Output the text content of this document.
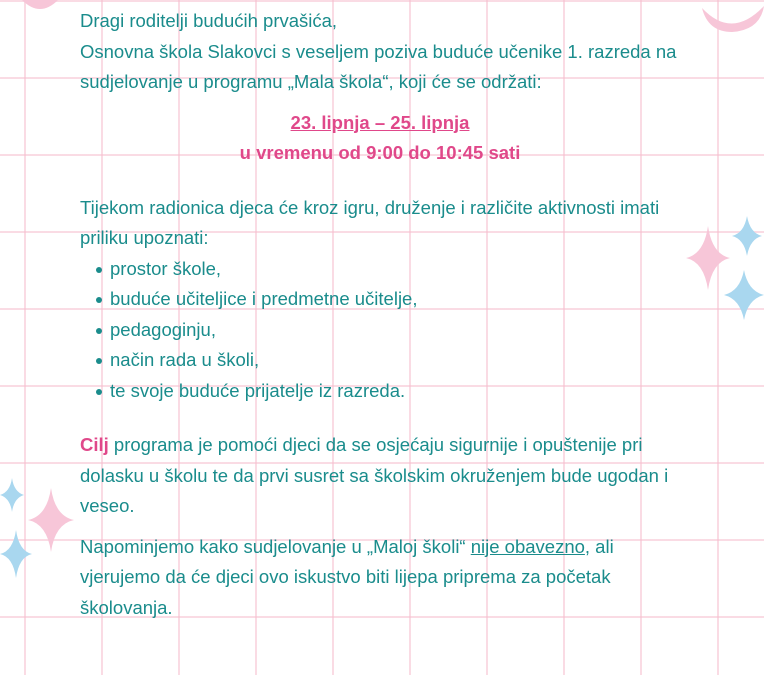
Dragi roditelji budućih prvašića,

Osnovna škola Slakovci s veseljem poziva buduće učenike 1. razreda na sudjelovanje u programu „Mala škola“, koji će se održati:

23. lipnja – 25. lipnja

u vremenu od 9:00 do 10:45 sati

Tijekom radionica djeca će kroz igru, druženje i različite aktivnosti imati priliku upoznati:

prostor škole,
buduće učiteljice i predmetne učitelje,
pedagoginju,
način rada u školi,
te svoje buduće prijatelje iz razreda.

Cilj programa je pomoći djeci da se osjećaju sigurnije i opuštenije pri dolasku u školu te da prvi susret sa školskim okruženjem bude ugodan i veseo.

Napominjemo kako sudjelovanje u „Maloj školi“ nije obavezno, ali vjerujemo da će djeci ovo iskustvo biti lijepa priprema za početak školovanja.
